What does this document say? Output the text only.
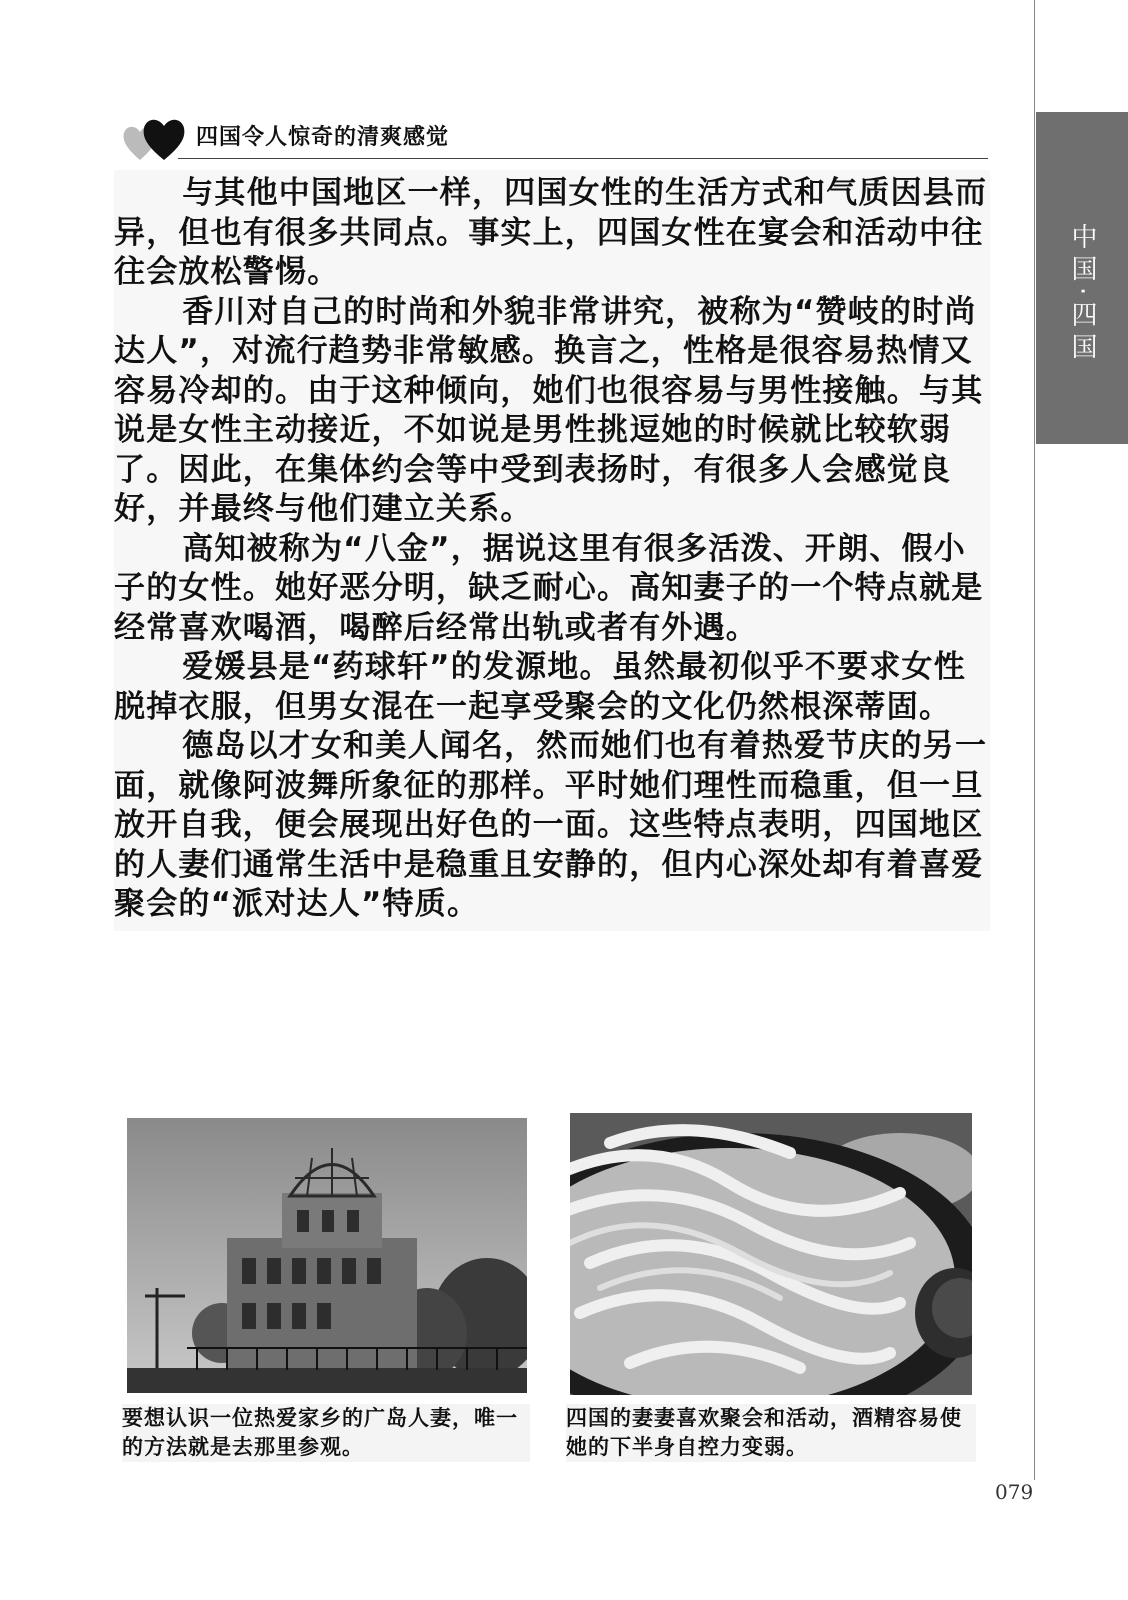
中国·四国
四国令人惊奇的清爽感觉

与其他中国地区一样，四国女性的生活方式和气质因县而异，但也有很多共同点。事实上，四国女性在宴会和活动中往往会放松警惕。

香川对自己的时尚和外貌非常讲究，被称为“赞岐的时尚达人”，对流行趋势非常敏感。换言之，性格是很容易热情又容易冷却的。由于这种倾向，她们也很容易与男性接触。与其说是女性主动接近，不如说是男性挑逗她的时候就比较软弱了。因此，在集体约会等中受到表扬时，有很多人会感觉良好，并最终与他们建立关系。

高知被称为“八金”，据说这里有很多活泼、开朗、假小子的女性。她好恶分明，缺乏耐心。高知妻子的一个特点就是经常喜欢喝酒，喝醉后经常出轨或者有外遇。

爱媛县是“药球轩”的发源地。虽然最初似乎不要求女性

脱掉衣服，但男女混在一起享受聚会的文化仍然根深蒂固。

德岛以才女和美人闻名，然而她们也有着热爱节庆的另一面，就像阿波舞所象征的那样。平时她们理性而稳重，但一旦放开自我，便会展现出好色的一面。这些特点表明，四国地区的人妻们通常生活中是稳重且安静的，但内心深处却有着喜爱聚会的“派对达人”特质。

要想认识一位热爱家乡的广岛人妻，唯一的方法就是去那里参观。
四国的妻妻喜欢聚会和活动，酒精容易使她的下半身自控力变弱。
079
